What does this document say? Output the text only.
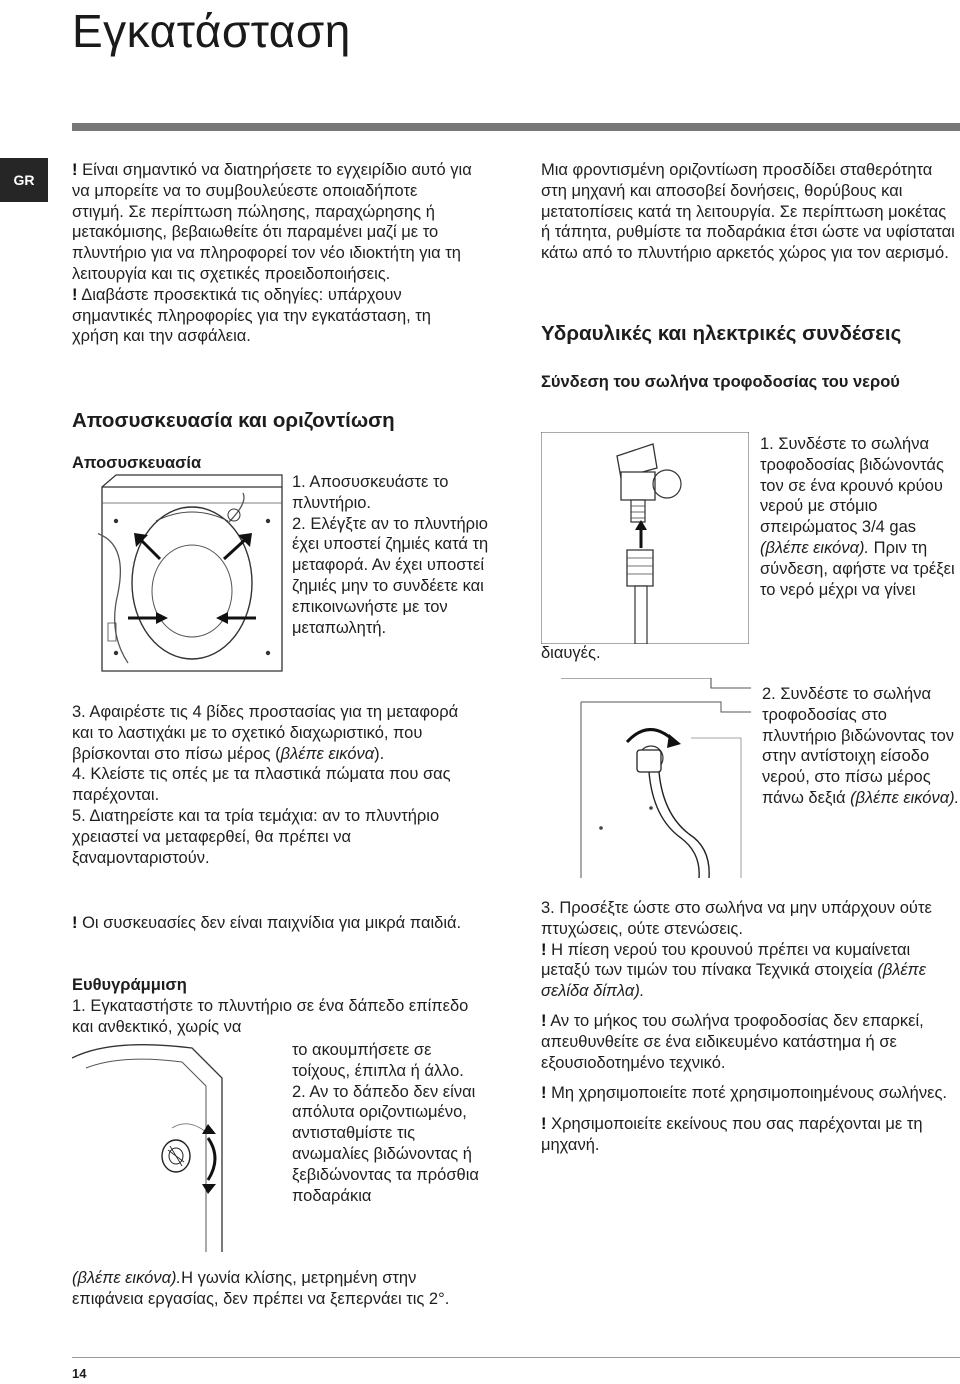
Εγκατάσταση
GR

! Είναι σημαντικό να διατηρήσετε το εγχειρίδιο αυτό για να μπορείτε να το συμβουλεύεστε οποιαδήποτε στιγμή. Σε περίπτωση πώλησης, παραχώρησης ή μετακόμισης, βεβαιωθείτε ότι παραμένει μαζί με το πλυντήριο για να πληροφορεί τον νέο ιδιοκτήτη για τη λειτουργία και τις σχετικές προειδοποιήσεις.

! Διαβάστε προσεκτικά τις οδηγίες: υπάρχουν σημαντικές πληροφορίες για την εγκατάσταση, τη χρήση και την ασφάλεια.

Αποσυσκευασία και οριζοντίωση
Αποσυσκευασία
1. Αποσυσκευάστε το πλυντήριο.
2. Ελέγξτε αν το πλυντήριο έχει υποστεί ζημιές κατά τη μεταφορά. Αν έχει υποστεί ζημιές μην το συνδέετε και επικοινωνήστε με τον μεταπωλητή.

3. Αφαιρέστε τις 4 βίδες προστασίας για τη μεταφορά και το λαστιχάκι με το σχετικό διαχωριστικό, που βρίσκονται στο πίσω μέρος (βλέπε εικόνα).

4. Κλείστε τις οπές με τα πλαστικά πώματα που σας παρέχονται.

5. Διατηρείστε και τα τρία τεμάχια: αν το πλυντήριο χρειαστεί να μεταφερθεί, θα πρέπει να ξαναμονταριστούν.

! Οι συσκευασίες δεν είναι παιχνίδια για μικρά παιδιά.

Ευθυγράμμιση
1. Εγκαταστήστε το πλυντήριο σε ένα δάπεδο επίπεδο και ανθεκτικό, χωρίς να
το ακουμπήσετε σε τοίχους, έπιπλα ή άλλο.
2. Αν το δάπεδο δεν είναι απόλυτα οριζοντιωμένο, αντισταθμίστε τις ανωμαλίες βιδώνοντας ή ξεβιδώνοντας τα πρόσθια ποδαράκια

(βλέπε εικόνα).Η γωνία κλίσης, μετρημένη στην επιφάνεια εργασίας, δεν πρέπει να ξεπερνάει τις 2°.

Μια φροντισμένη οριζοντίωση προσδίδει σταθερότητα στη μηχανή και αποσοβεί δονήσεις, θορύβους και μετατοπίσεις κατά τη λειτουργία. Σε περίπτωση μοκέτας ή τάπητα, ρυθμίστε τα ποδαράκια έτσι ώστε να υφίσταται κάτω από το πλυντήριο αρκετός χώρος για τον αερισμό.
Υδραυλικές και ηλεκτρικές συνδέσεις
Σύνδεση του σωλήνα τροφοδοσίας του νερού
1. Συνδέστε το σωλήνα τροφοδοσίας βιδώνοντάς τον σε ένα κρουνό κρύου νερού με στόμιο σπειρώματος 3/4 gas (βλέπε εικόνα). Πριν τη σύνδεση, αφήστε να τρέξει το νερό μέχρι να γίνει
διαυγές.
2. Συνδέστε το σωλήνα τροφοδοσίας στο πλυντήριο βιδώνοντας τον στην αντίστοιχη είσοδο νερού, στο πίσω μέρος πάνω δεξιά (βλέπε εικόνα).

3. Προσέξτε ώστε στο σωλήνα να μην υπάρχουν ούτε πτυχώσεις, ούτε στενώσεις.

! Η πίεση νερού του κρουνού πρέπει να κυμαίνεται μεταξύ των τιμών του πίνακα Τεχνικά στοιχεία (βλέπε σελίδα δίπλα).

! Αν το μήκος του σωλήνα τροφοδοσίας δεν επαρκεί, απευθυνθείτε σε ένα ειδικευμένο κατάστημα ή σε εξουσιοδοτημένο τεχνικό.

! Μη χρησιμοποιείτε ποτέ χρησιμοποιημένους σωλήνες.

! Χρησιμοποιείτε εκείνους που σας παρέχονται με τη μηχανή.

14
